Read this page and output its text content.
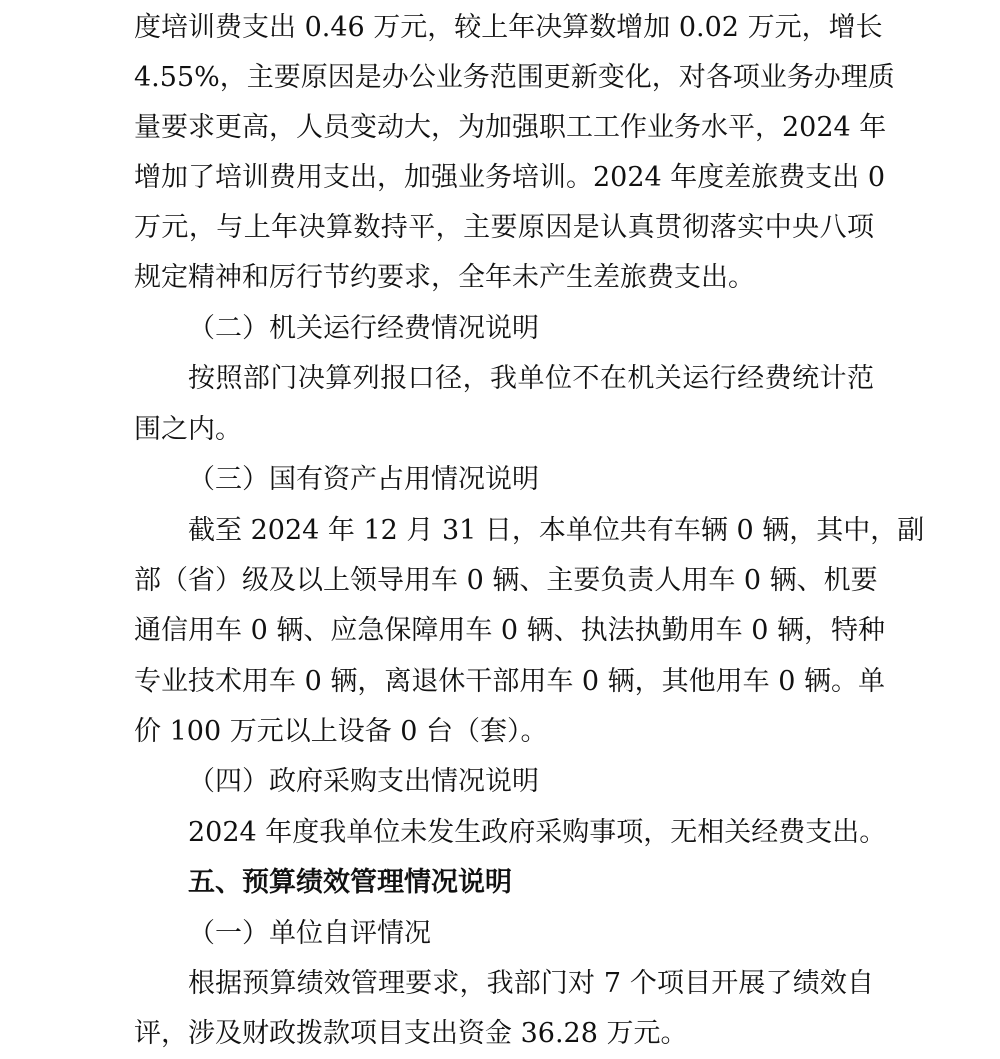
度培训费支出 0.46 万元，较上年决算数增加 0.02 万元，增长
4.55%，主要原因是办公业务范围更新变化，对各项业务办理质
量要求更高，人员变动大，为加强职工工作业务水平，2024 年
增加了培训费用支出，加强业务培训。2024 年度差旅费支出 0
万元，与上年决算数持平，主要原因是认真贯彻落实中央八项
规定精神和厉行节约要求，全年未产生差旅费支出。
（二）机关运行经费情况说明
按照部门决算列报口径，我单位不在机关运行经费统计范
围之内。
（三）国有资产占用情况说明
截至 2024 年 12 月 31 日，本单位共有车辆 0 辆，其中，副
部（省）级及以上领导用车 0 辆、主要负责人用车 0 辆、机要
通信用车 0 辆、应急保障用车 0 辆、执法执勤用车 0 辆，特种
专业技术用车 0 辆，离退休干部用车 0 辆，其他用车 0 辆。单
价 100 万元以上设备 0 台（套）。
（四）政府采购支出情况说明
2024 年度我单位未发生政府采购事项，无相关经费支出。
五、预算绩效管理情况说明
（一）单位自评情况
根据预算绩效管理要求，我部门对 7 个项目开展了绩效自
评，涉及财政拨款项目支出资金 36.28 万元。
